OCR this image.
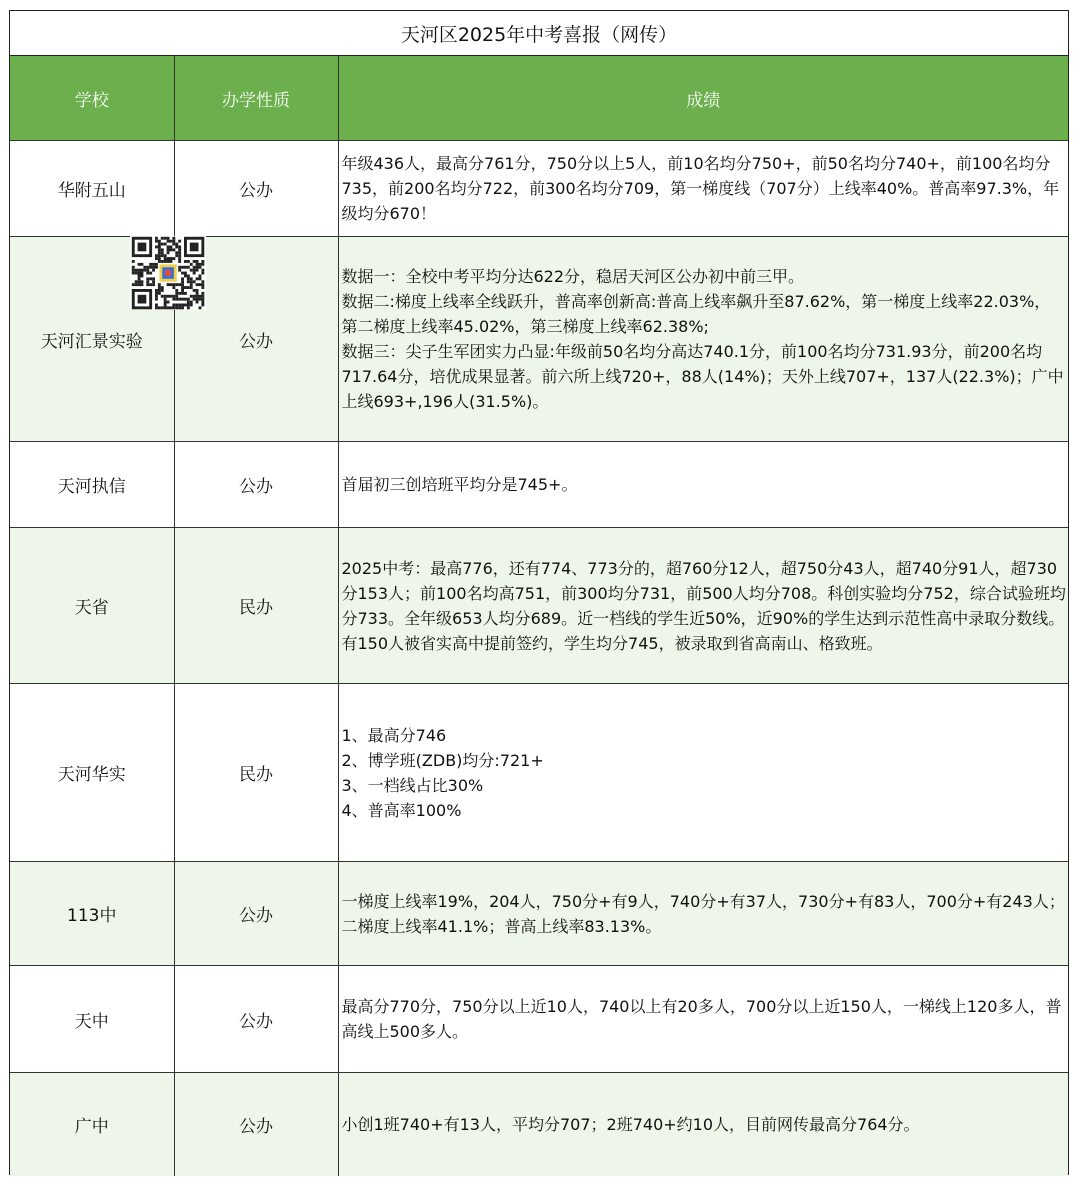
天河区2025年中考喜报（网传）
学校	办学性质	成绩
华附五山	公办	年级436人，最高分761分，750分以上5人，前10名均分750+，前50名均分740+，前100名均分735，前200名均分722，前300名均分709，第一梯度线（707分）上线率40%。普高率97.3%，年级均分670！

天河汇景实验	公办	数据一：全校中考平均分达622分，稳居天河区公办初中前三甲。
数据二:梯度上线率全线跃升，普高率创新高:普高上线率飙升至87.62%，第一梯度上线率22.03%，第二梯度上线率45.02%，第三梯度上线率62.38%;
数据三：尖子生军团实力凸显:年级前50名均分高达740.1分，前100名均分731.93分，前200名均717.64分，培优成果显著。前六所上线720+，88人(14%)；天外上线707+，137人(22.3%)；广中上线693+,196人(31.5%)。

天河执信	公办	首届初三创培班平均分是745+。

天省	民办	2025中考：最高776，还有774、773分的，超760分12人，超750分43人，超740分91人，超730分153人；前100名均高751，前300均分731，前500人均分708。科创实验均分752，综合试验班均分733。全年级653人均分689。近一档线的学生近50%，近90%的学生达到示范性高中录取分数线。有150人被省实高中提前签约，学生均分745，被录取到省高南山、格致班。

天河华实	民办	1、最高分746
2、博学班(ZDB)均分:721+
3、一档线占比30%
4、普高率100%

113中	公办	一梯度上线率19%，204人，750分+有9人，740分+有37人，730分+有83人，700分+有243人；二梯度上线率41.1%；普高上线率83.13%。

天中	公办	最高分770分，750分以上近10人，740以上有20多人，700分以上近150人，一梯线上120多人，普高线上500多人。

广中	公办	小创1班740+有13人，平均分707；2班740+约10人，目前网传最高分764分。
